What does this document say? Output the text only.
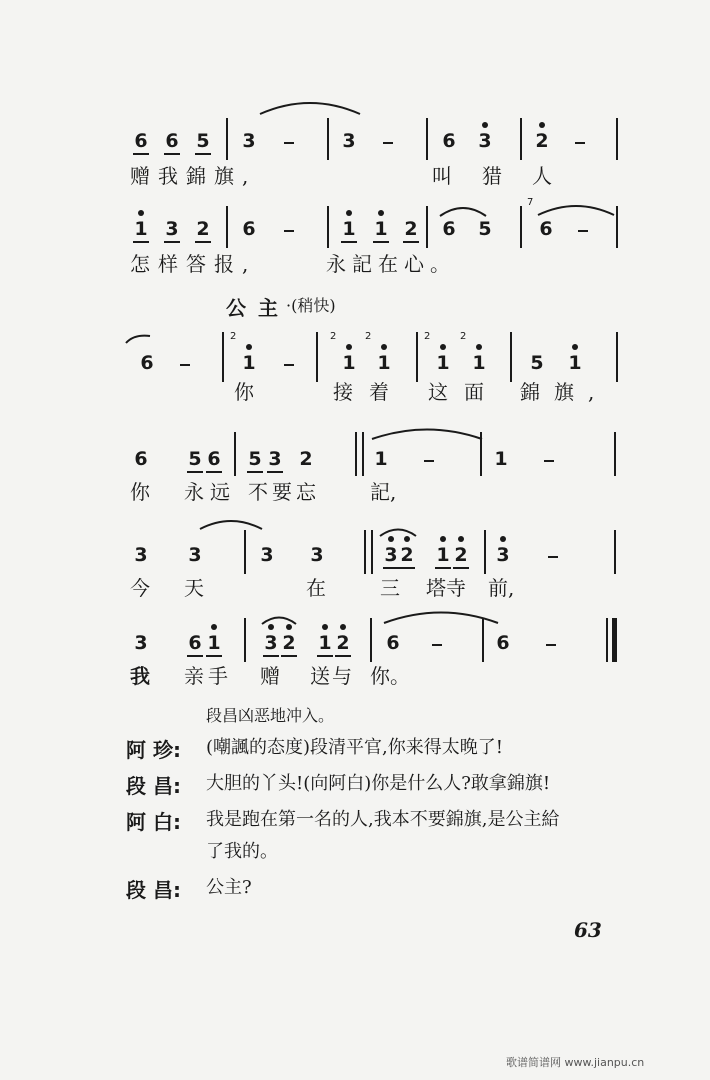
6 6 5 3	3	6 3 2
赠我錦旗,	叫猎人
1 3 2 6	1 1 2 6 5
7
6
怎样答报,	永記在心。
公主
·(稍快)
6
2
1
2
1
2
1
2
1
2
1 5 1
你	接着 这面 錦旗,
6 5 6 5 3 2	1	1
你 永远 不要忘	記,
3 3	3 3	3 2 1 2 3
今 天	在	三 塔寺 前,
3 6 1 3 2 1 2 6	6
我 亲手 赠 送与 你。
段昌凶恶地冲入。
阿 珍: (嘲諷的态度)段清平官,你来得太晚了!
段 昌: 大胆的丫头!(向阿白)你是什么人?敢拿錦旗!
阿 白: 我是跑在第一名的人,我本不要錦旗,是公主給
了我的。
段 昌: 公主?
63
歌谱简谱网 www.jianpu.cn
